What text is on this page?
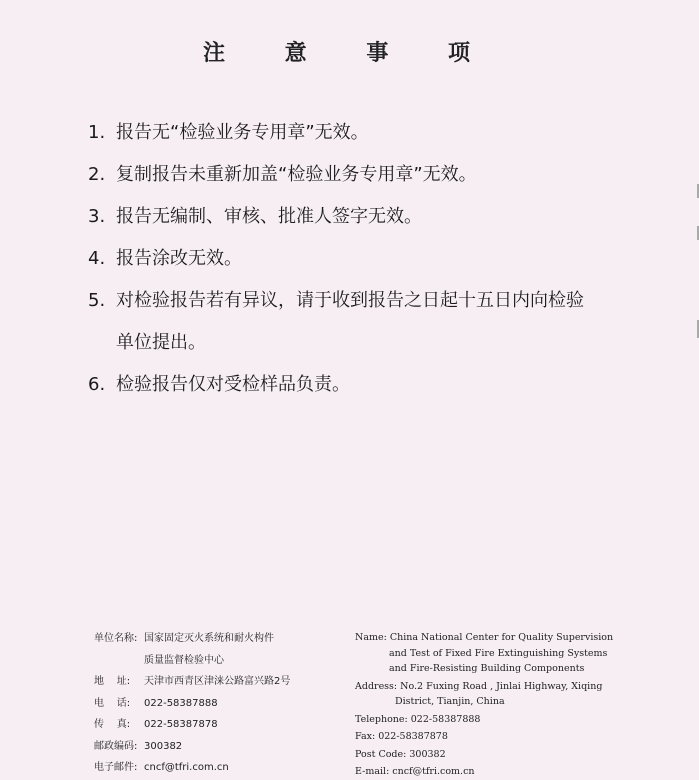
注 意 事 项
1. 报告无“检验业务专用章”无效。
2. 复制报告未重新加盖“检验业务专用章”无效。
3. 报告无编制、审核、批准人签字无效。
4. 报告涂改无效。
5. 对检验报告若有异议，请于收到报告之日起十五日内向检验单位提出。
6. 检验报告仅对受检样品负责。
单位名称: 国家固定灭火系统和耐火构件
质量监督检验中心
地    址:	天津市西青区津涞公路富兴路2号
电    话:	022-58387888
传    真:	022-58387878
邮政编码: 300382
电子邮件: cncf@tfri.com.cn
Name: China National Center for Quality Supervision
and Test of Fixed Fire Extinguishing Systems
and Fire-Resisting Building Components
Address: No.2 Fuxing Road , Jinlai Highway, Xiqing
District, Tianjin, China
Telephone: 022-58387888
Fax: 022-58387878
Post Code: 300382
E-mail: cncf@tfri.com.cn
